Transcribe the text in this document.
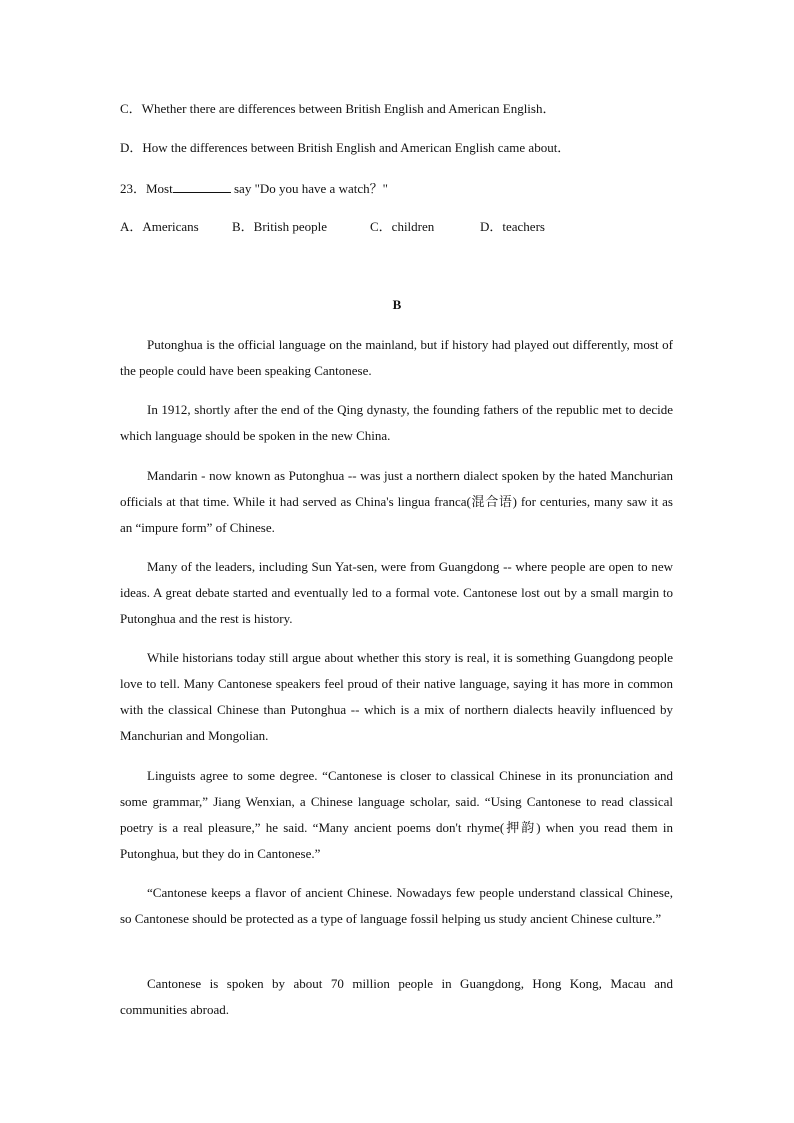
C．Whether there are differences between British English and American English．
D．How the differences between British English and American English came about．
23．Most	say "Do you have a watch？"
A．Americans	B．British people	C．children	D．teachers
B

Putonghua is the official language on the mainland, but if history had played out differently, most of the people could have been speaking Cantonese.

In 1912, shortly after the end of the Qing dynasty, the founding fathers of the republic met to decide which language should be spoken in the new China.

Mandarin - now known as Putonghua -- was just a northern dialect spoken by the hated Manchurian officials at that time. While it had served as China's lingua franca(混合语) for centuries, many saw it as an “impure form” of Chinese.

Many of the leaders, including Sun Yat-sen, were from Guangdong -- where people are open to new ideas. A great debate started and eventually led to a formal vote. Cantonese lost out by a small margin to Putonghua and the rest is history.

While historians today still argue about whether this story is real, it is something Guangdong people love to tell. Many Cantonese speakers feel proud of their native language, saying it has more in common with the classical Chinese than Putonghua -- which is a mix of northern dialects heavily influenced by Manchurian and Mongolian.

Linguists agree to some degree. “Cantonese is closer to classical Chinese in its pronunciation and some grammar,” Jiang Wenxian, a Chinese language scholar, said. “Using Cantonese to read classical poetry is a real pleasure,” he said. “Many ancient poems don't rhyme(押韵) when you read them in Putonghua, but they do in Cantonese.”

“Cantonese keeps a flavor of ancient Chinese. Nowadays few people understand classical Chinese, so Cantonese should be protected as a type of language fossil helping us study ancient Chinese culture.”

Cantonese is spoken by about 70 million people in Guangdong, Hong Kong, Macau and communities abroad.
